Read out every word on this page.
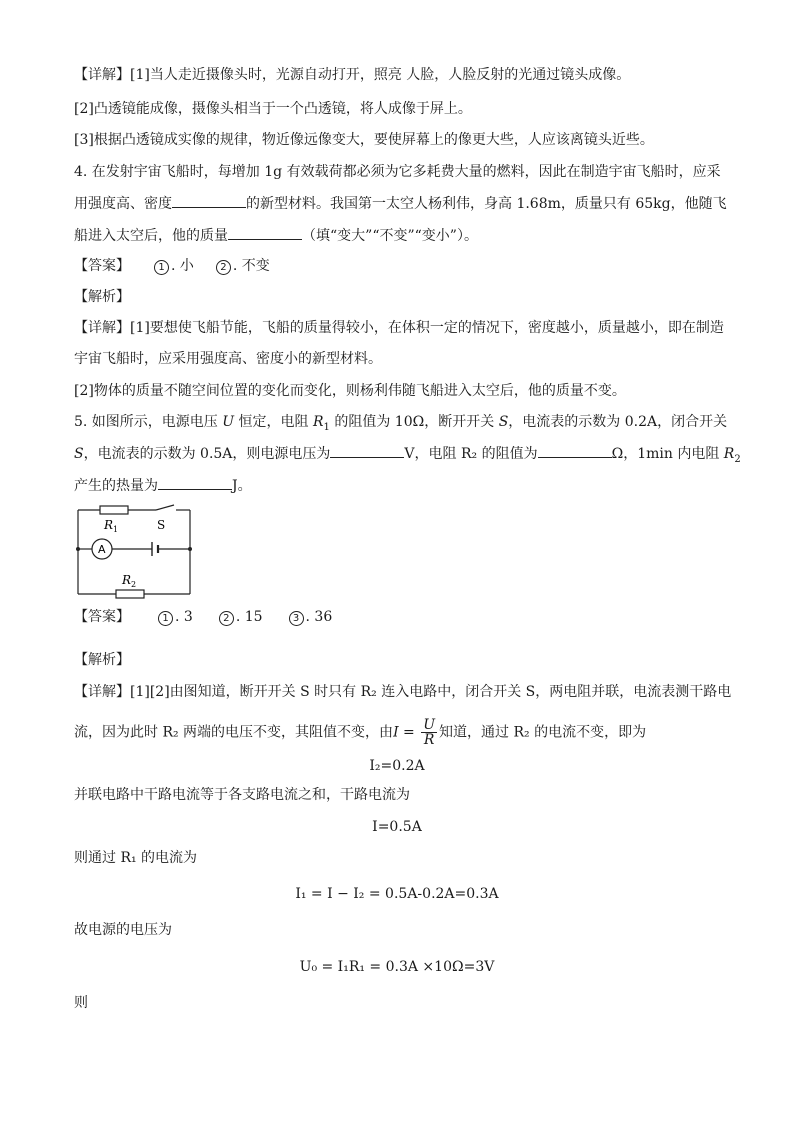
【详解】[1]当人走近摄像头时，光源自动打开，照亮 人脸，人脸反射的光通过镜头成像。
[2]凸透镜能成像，摄像头相当于一个凸透镜，将人成像于屏上。
[3]根据凸透镜成实像的规律，物近像远像变大，要使屏幕上的像更大些，人应该离镜头近些。
4. 在发射宇宙飞船时，每增加 1g 有效载荷都必须为它多耗费大量的燃料，因此在制造宇宙飞船时，应采
用强度高、密度	的新型材料。我国第一太空人杨利伟，身高 1.68m，质量只有 65kg，他随飞
船进入太空后，他的质量	（填“变大”“不变”“变小”）。
【答案】	1 . 小	2 . 不变
【解析】
【详解】[1]要想使飞船节能，飞船的质量得较小，在体积一定的情况下，密度越小，质量越小，即在制造
宇宙飞船时，应采用强度高、密度小的新型材料。
[2]物体的质量不随空间位置的变化而变化，则杨利伟随飞船进入太空后，他的质量不变。
5. 如图所示，电源电压 U 恒定，电阻 $R_1$ 的阻值为 10Ω，断开开关 S，电流表的示数为 0.2A，闭合开关
S，电流表的示数为 0.5A，则电源电压为	V，电阻 R₂ 的阻值为	Ω，1min 内电阻 $R_2$
产生的热量为	J。
R 1	S
A
R 2
【答案】	1 . 3	2 . 15	3 . 36
【解析】
【详解】[1][2]由图知道，断开开关 S 时只有 R₂ 连入电路中，闭合开关 S，两电阻并联，电流表测干路电
流，因为此时 R₂ 两端的电压不变，其阻值不变，由$I = \frac{U}{R}$ 知道，通过 R₂ 的电流不变，即为
I₂=0.2A
并联电路中干路电流等于各支路电流之和，干路电流为
I=0.5A
则通过 R₁ 的电流为
I₁ = I − I₂ = 0.5A-0.2A=0.3A
故电源的电压为
U₀ = I₁R₁ = 0.3A ×10Ω=3V
则
